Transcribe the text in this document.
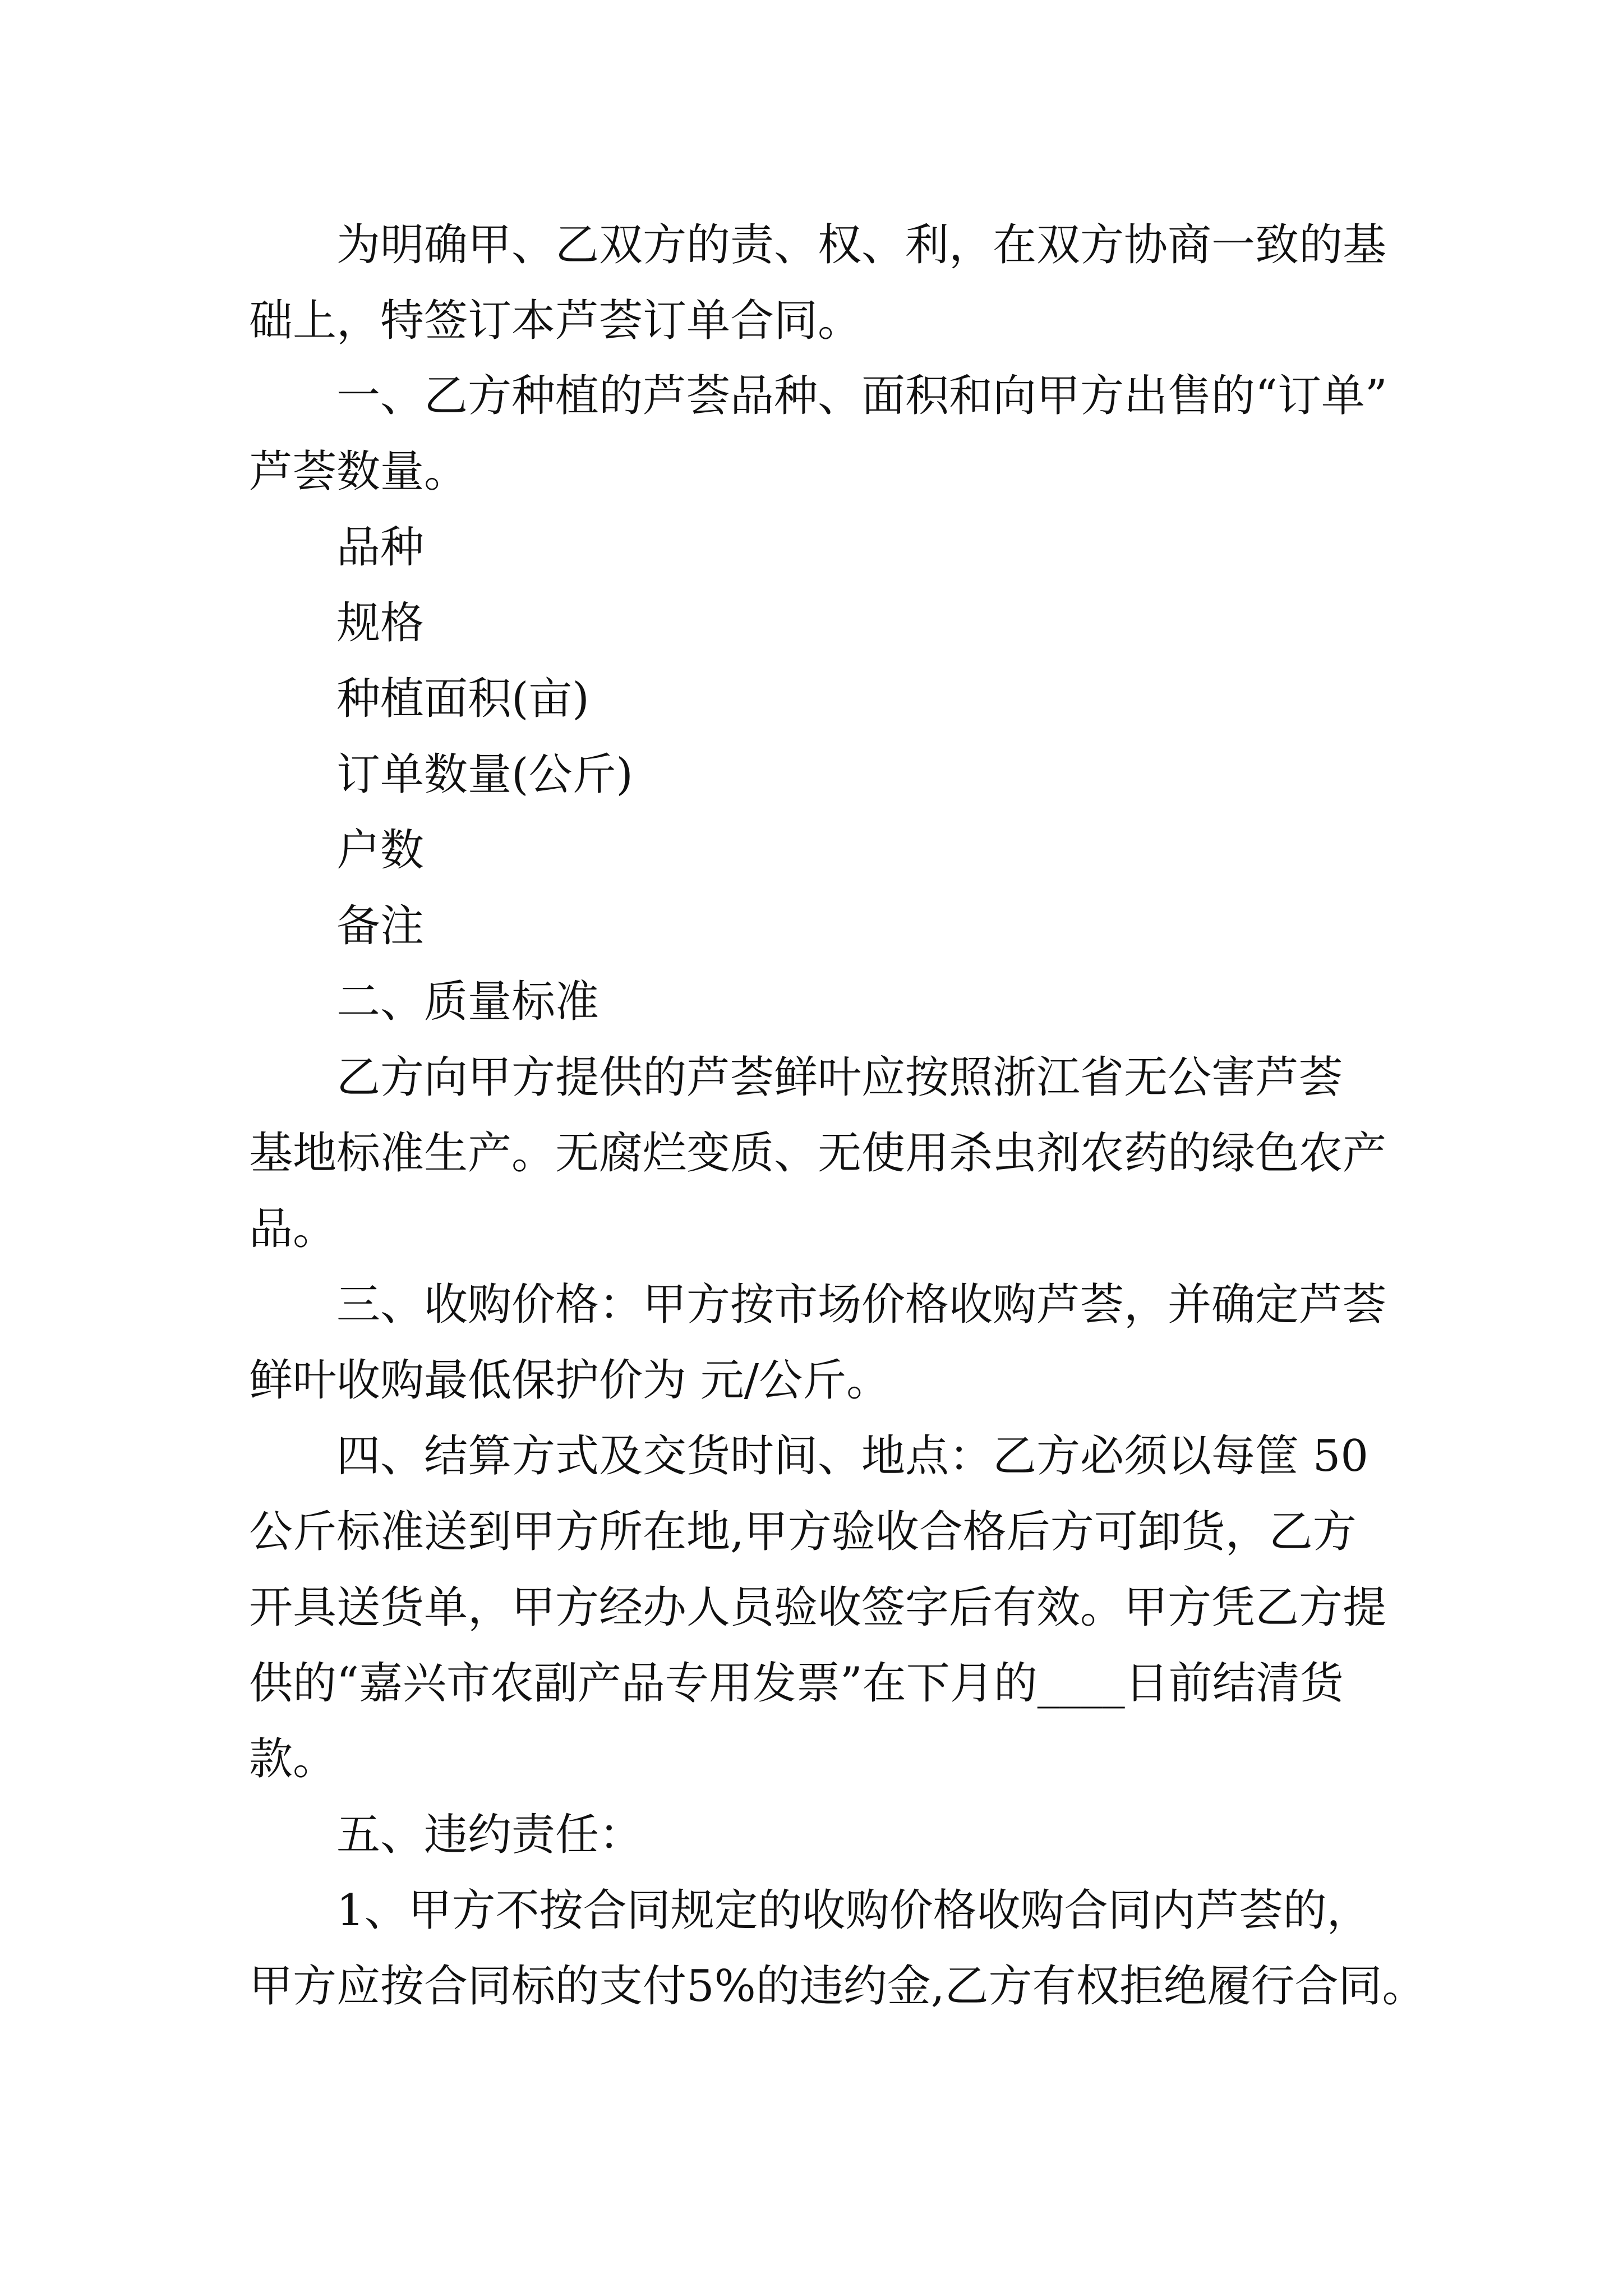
为明确甲、乙双方的责、权、利，在双方协商一致的基

础上，特签订本芦荟订单合同。

一、乙方种植的芦荟品种、面积和向甲方出售的“订单”

芦荟数量。

品种

规格

种植面积(亩)

订单数量(公斤)

户数

备注

二、质量标准

乙方向甲方提供的芦荟鲜叶应按照浙江省无公害芦荟

基地标准生产。无腐烂变质、无使用杀虫剂农药的绿色农产

品。

三、收购价格：甲方按市场价格收购芦荟，并确定芦荟

鲜叶收购最低保护价为 元/公斤。

四、结算方式及交货时间、地点：乙方必须以每筐 50

公斤标准送到甲方所在地,甲方验收合格后方可卸货，乙方

开具送货单，甲方经办人员验收签字后有效。甲方凭乙方提

供的“嘉兴市农副产品专用发票”在下月的____日前结清货

款。

五、违约责任：

1、甲方不按合同规定的收购价格收购合同内芦荟的，

甲方应按合同标的支付5%的违约金,乙方有权拒绝履行合同。
